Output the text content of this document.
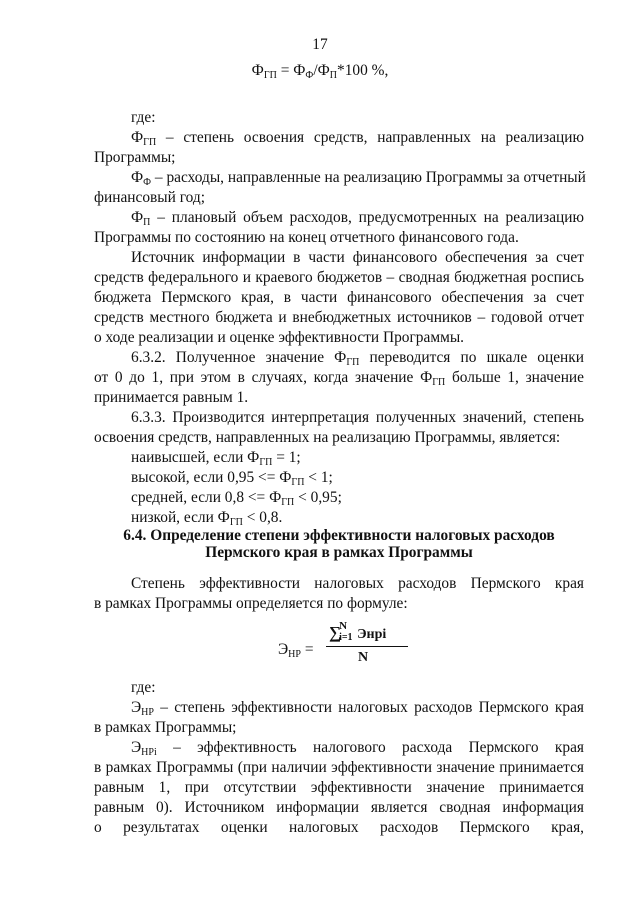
17
$Ф_{ГП} = Ф_Ф/Ф_П*100$ %,
где:
$Ф_{ГП}$ – степень освоения средств, направленных на реализацию
Программы;
$Ф_Ф$ – расходы, направленные на реализацию Программы за отчетный
финансовый год;
$Ф_П$ – плановый объем расходов, предусмотренных на реализацию
Программы по состоянию на конец отчетного финансового года.
Источник информации в части финансового обеспечения за счет
средств федерального и краевого бюджетов – сводная бюджетная роспись
бюджета Пермского края, в части финансового обеспечения за счет
средств местного бюджета и внебюджетных источников – годовой отчет
о ходе реализации и оценке эффективности Программы.
6.3.2. Полученное значение $Ф_{ГП}$ переводится по шкале оценки
от 0 до 1, при этом в случаях, когда значение $Ф_{ГП}$ больше 1, значение
принимается равным 1.
6.3.3. Производится интерпретация полученных значений, степень
освоения средств, направленных на реализацию Программы, является:
наивысшей, если $Ф_{ГП} = 1$;
высокой, если $0,95 <= Ф_{ГП} < 1$;
средней, если $0,8 <= Ф_{ГП} < 0,95$;
низкой, если $Ф_{ГП} < 0,8$.
6.4. Определение степени эффективности налоговых расходов
Пермского края в рамках Программы
Степень эффективности налоговых расходов Пермского края
в рамках Программы определяется по формуле:
$Э_{НР}$ =
∑$^N$i=1 Энрi
N
где:
$Э_{НР}$ – степень эффективности налоговых расходов Пермского края
в рамках Программы;
$Э_{НРi}$ – эффективность налогового расхода Пермского края
в рамках Программы (при наличии эффективности значение принимается
равным 1, при отсутствии эффективности значение принимается
равным 0). Источником информации является сводная информация
о результатах оценки налоговых расходов Пермского края,
